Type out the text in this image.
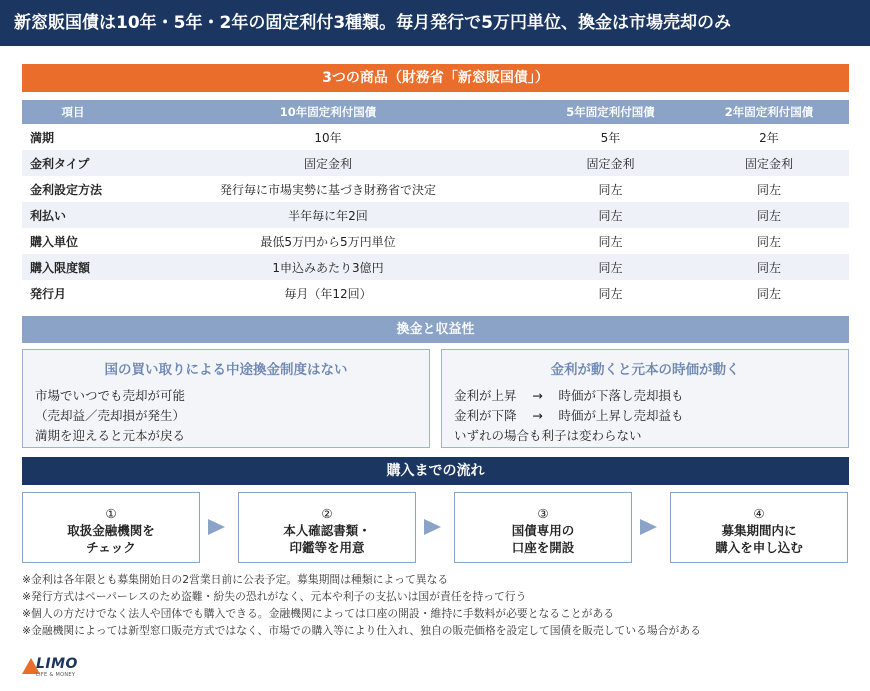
新窓販国債は10年・5年・2年の固定利付3種類。毎月発行で5万円単位、換金は市場売却のみ
3つの商品（財務省「新窓販国債」）
項目	10年固定利付国債	5年固定利付国債	2年固定利付国債
満期	10年	5年	2年
金利タイプ	固定金利	固定金利	固定金利
金利設定方法	発行毎に市場実勢に基づき財務省で決定	同左	同左
利払い	半年毎に年2回	同左	同左
購入単位	最低5万円から5万円単位	同左	同左
購入限度額	1申込みあたり3億円	同左	同左
発行月	毎月（年12回）	同左	同左
換金と収益性
国の買い取りによる中途換金制度はない
市場でいつでも売却が可能
（売却益／売却損が発生）
満期を迎えると元本が戻る
金利が動くと元本の時価が動く
金利が上昇 → 時価が下落し売却損も
金利が下降 → 時価が上昇し売却益も
いずれの場合も利子は変わらない
購入までの流れ
①
取扱金融機関を
チェック
②
本人確認書類・
印鑑等を用意
③
国債専用の
口座を開設
④
募集期間内に
購入を申し込む
※金利は各年限とも募集開始日の2営業日前に公表予定。募集期間は種類によって異なる
※発行方式はペーパーレスのため盗難・紛失の恐れがなく、元本や利子の支払いは国が責任を持って行う
※個人の方だけでなく法人や団体でも購入できる。金融機関によっては口座の開設・維持に手数料が必要となることがある
※金融機関によっては新型窓口販売方式ではなく、市場での購入等により仕入れ、独自の販売価格を設定して国債を販売している場合がある
LIMO
LIFE & MONEY
